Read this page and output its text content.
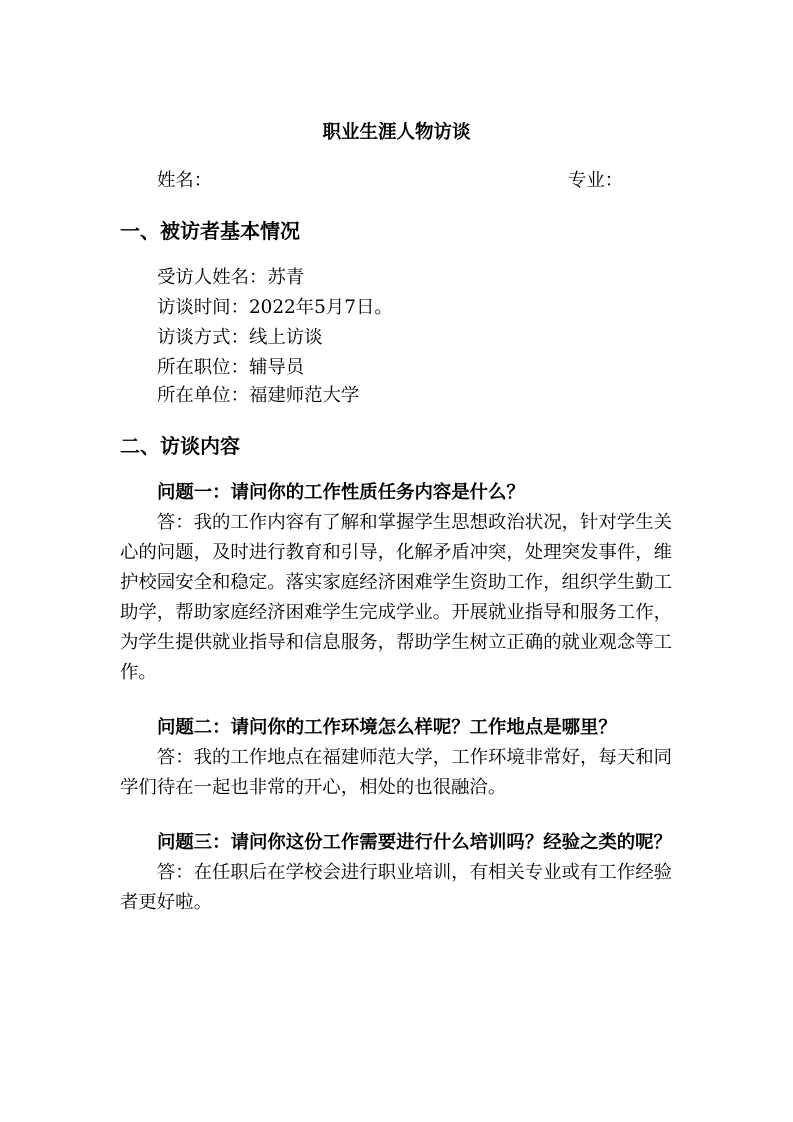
职业生涯人物访谈
姓名：	专业：
一、被访者基本情况
受访人姓名：苏青
访谈时间：2022年5月7日。
访谈方式：线上访谈
所在职位：辅导员
所在单位：福建师范大学
二、访谈内容
问题一：请问你的工作性质任务内容是什么？
答：我的工作内容有了解和掌握学生思想政治状况，针对学生关心的问题，及时进行教育和引导，化解矛盾冲突，处理突发事件，维护校园安全和稳定。落实家庭经济困难学生资助工作，组织学生勤工助学，帮助家庭经济困难学生完成学业。开展就业指导和服务工作，为学生提供就业指导和信息服务，帮助学生树立正确的就业观念等工作。
问题二：请问你的工作环境怎么样呢？工作地点是哪里？
答：我的工作地点在福建师范大学，工作环境非常好，每天和同学们待在一起也非常的开心，相处的也很融洽。
问题三：请问你这份工作需要进行什么培训吗？经验之类的呢？
答：在任职后在学校会进行职业培训，有相关专业或有工作经验者更好啦。
